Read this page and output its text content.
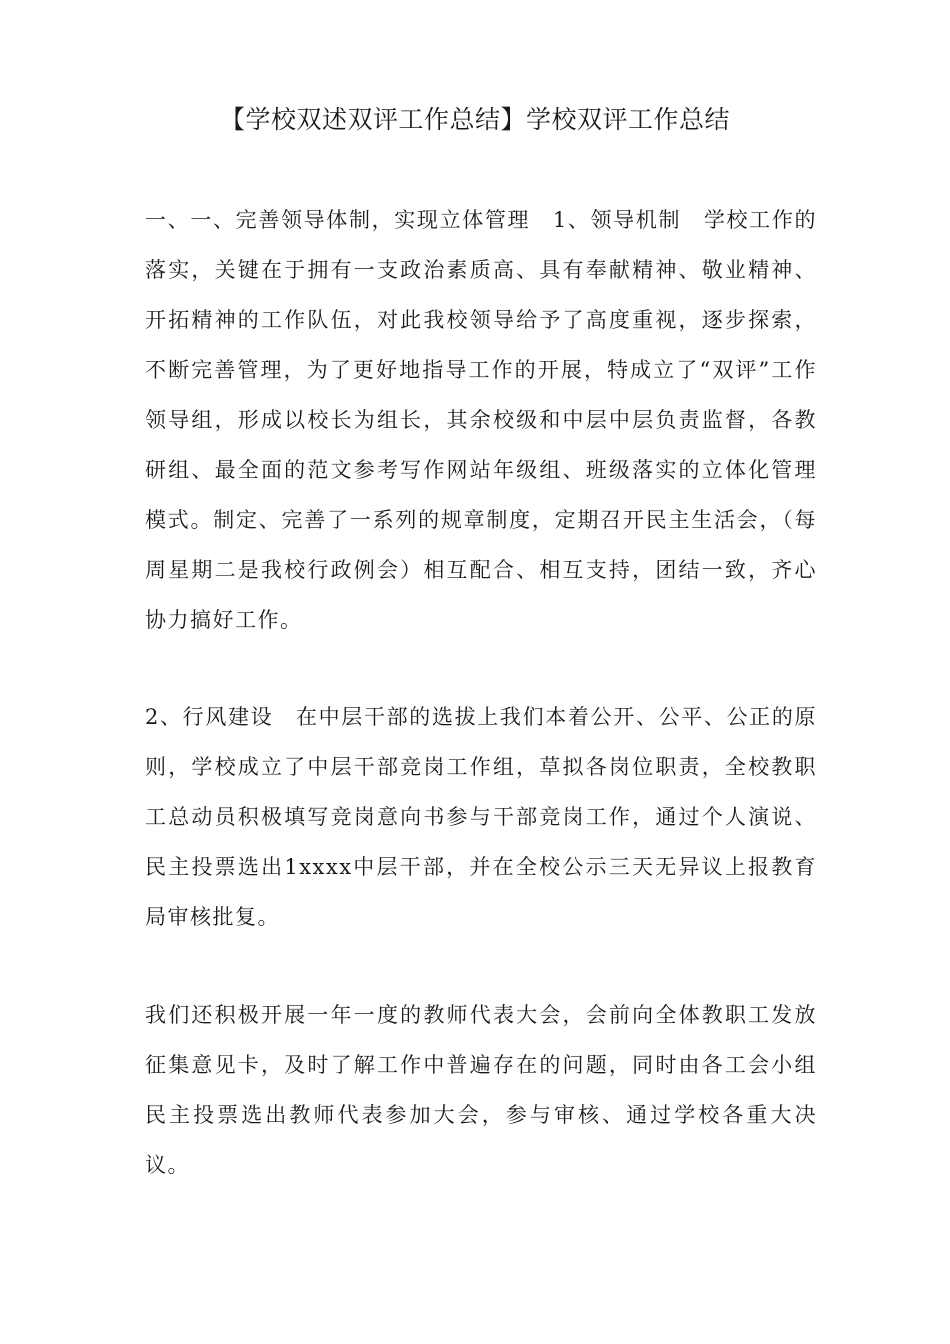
【学校双述双评工作总结】学校双评工作总结

一、一、完善领导体制，实现立体管理　1、领导机制　学校工作的落实，关键在于拥有一支政治素质高、具有奉献精神、敬业精神、开拓精神的工作队伍，对此我校领导给予了高度重视，逐步探索，不断完善管理，为了更好地指导工作的开展，特成立了“双评”工作领导组，形成以校长为组长，其余校级和中层中层负责监督，各教研组、最全面的范文参考写作网站年级组、班级落实的立体化管理模式。制定、完善了一系列的规章制度，定期召开民主生活会，（每周星期二是我校行政例会）相互配合、相互支持，团结一致，齐心协力搞好工作。

2、行风建设　在中层干部的选拔上我们本着公开、公平、公正的原则，学校成立了中层干部竞岗工作组，草拟各岗位职责，全校教职工总动员积极填写竞岗意向书参与干部竞岗工作，通过个人演说、民主投票选出1xxxx中层干部，并在全校公示三天无异议上报教育局审核批复。

我们还积极开展一年一度的教师代表大会，会前向全体教职工发放征集意见卡，及时了解工作中普遍存在的问题，同时由各工会小组民主投票选出教师代表参加大会，参与审核、通过学校各重大决议。
